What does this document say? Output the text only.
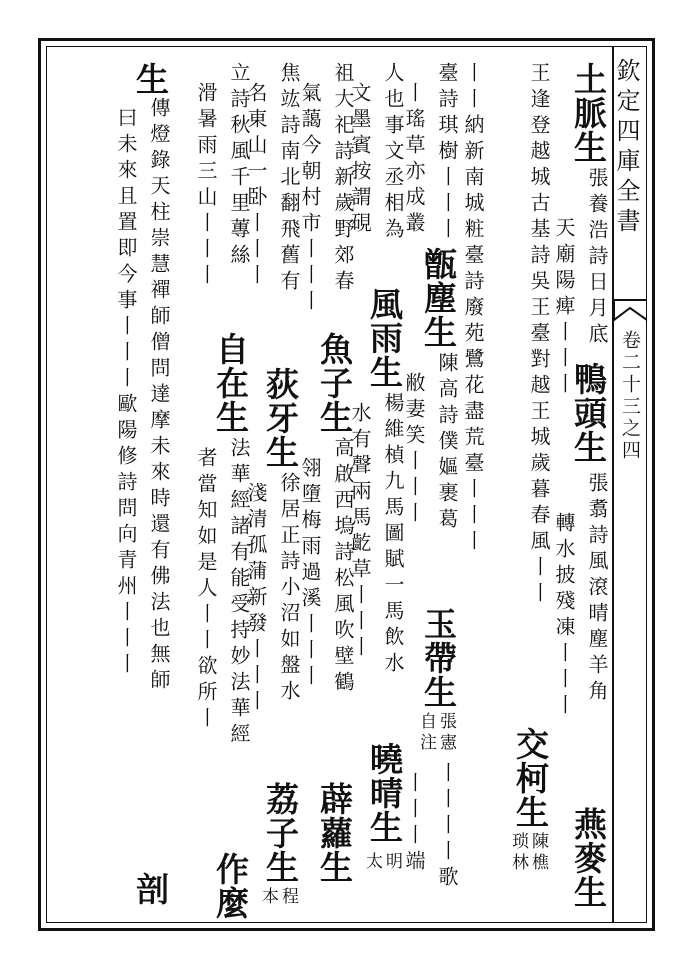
欽定四庫全書
卷二十三之四
土脈生
張養浩詩日月底
天廟陽痺丨丨丨
鴨頭生
張翥詩風滾晴塵羊角
轉水披殘凍丨丨丨
燕麥生
王逢登越城古基詩吳王臺對越王城歲暮春風丨丨
交柯生
陳樵
琐林
丨丨納新南城粧臺詩廢苑鷺花盡荒臺丨丨丨
臺詩琪樹丨丨丨
丨瑤草亦成叢
甑塵生
陳高詩僕嫗裹葛
敝妻笑丨丨丨
玉帶生
張憲
自注
丨丨丨丨歌
丨丨丨端
人也事文丞相為
文墨賓按謂硯
風雨生
楊維楨九馬圖賦一馬飲水
水有聲兩馬齕草丨丨丨
曉晴生
明
太
祖大祀詩新歲野郊春
氣藹今朝村市丨丨丨
魚子生
高啟西塢詩松風吹壁鶴
翎墮梅雨過溪丨丨丨
薜蘿生
焦竑詩南北翻飛舊有
名東山一卧丨丨丨
荻牙生
徐居正詩小沼如盤水
淺清孤蒲新發丨丨丨
荔子生
程
本
立詩秋風千里蓴絲
滑暑雨三山丨丨丨
自在生
法華經諸有能受持妙法華經
者當知如是人丨丨欲所丨
作麼
生
傳燈錄天柱崇慧禪師僧問達摩未來時還有佛法也無師
曰未來且置即今事丨丨丨歐陽修詩問向青州丨丨丨
剖
